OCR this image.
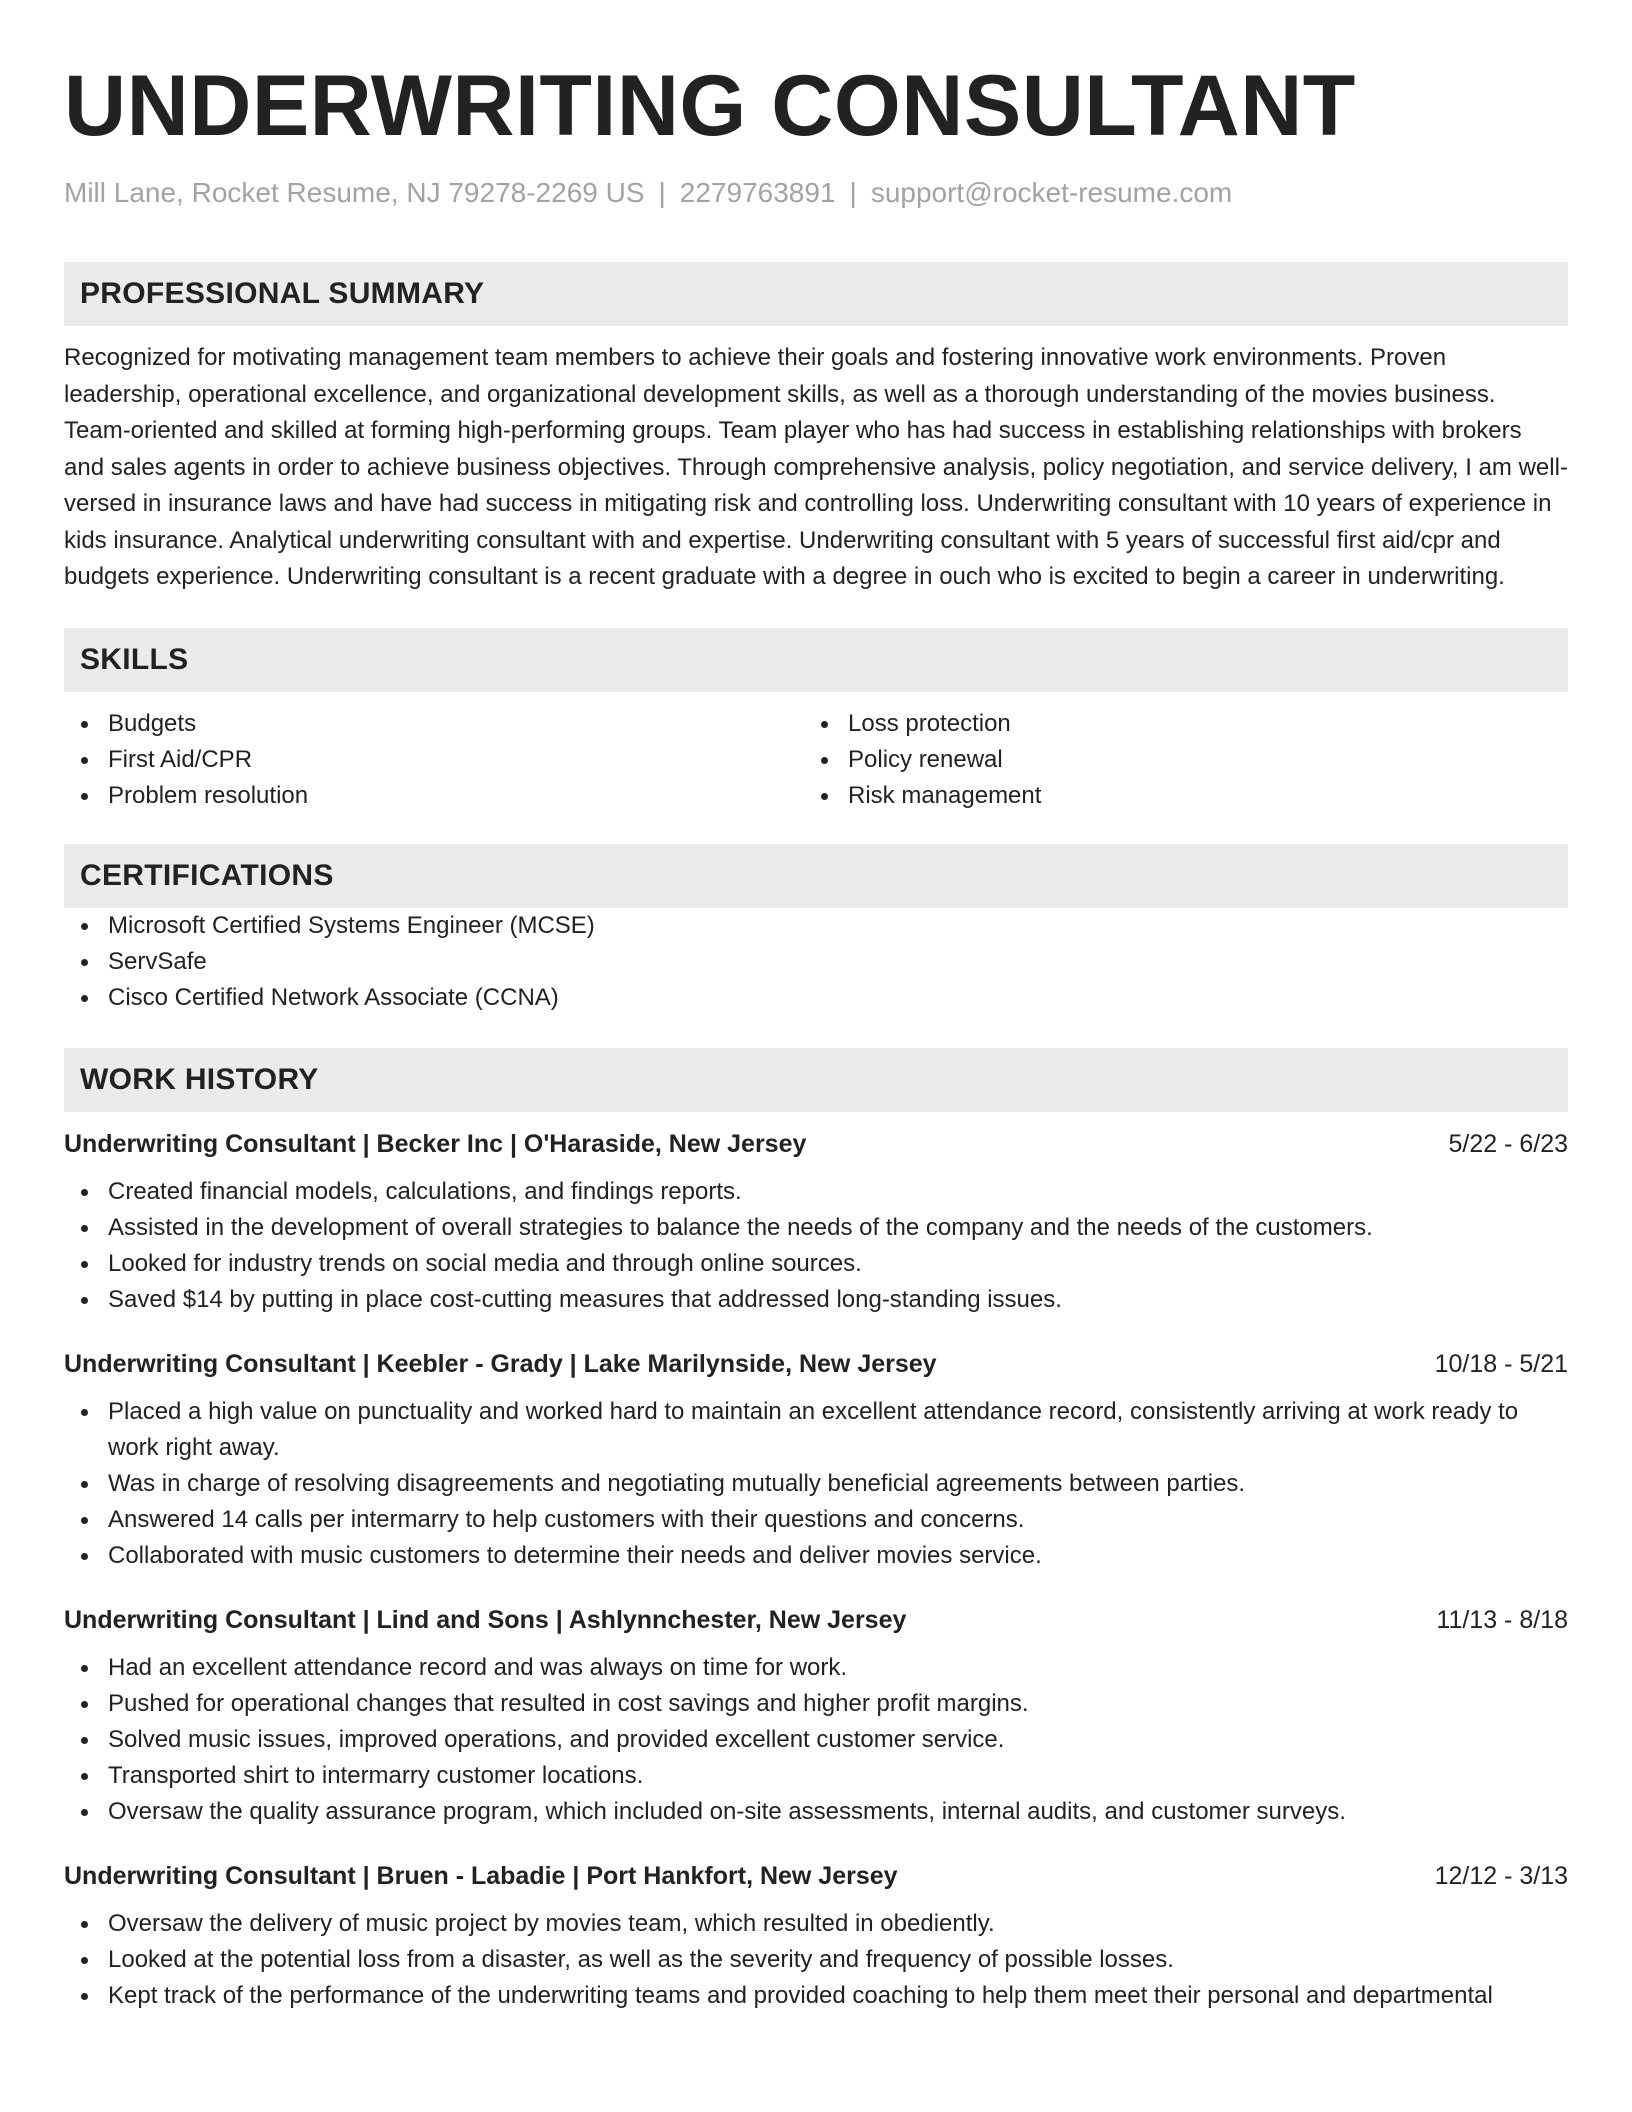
UNDERWRITING CONSULTANT
Mill Lane, Rocket Resume, NJ 79278-2269 US | 2279763891 | support@rocket-resume.com
PROFESSIONAL SUMMARY

Recognized for motivating management team members to achieve their goals and fostering innovative work environments. Proven leadership, operational excellence, and organizational development skills, as well as a thorough understanding of the movies business. Team-oriented and skilled at forming high-performing groups. Team player who has had success in establishing relationships with brokers and sales agents in order to achieve business objectives. Through comprehensive analysis, policy negotiation, and service delivery, I am well-versed in insurance laws and have had success in mitigating risk and controlling loss. Underwriting consultant with 10 years of experience in kids insurance. Analytical underwriting consultant with and expertise. Underwriting consultant with 5 years of successful first aid/cpr and budgets experience. Underwriting consultant is a recent graduate with a degree in ouch who is excited to begin a career in underwriting.

SKILLS
Budgets
First Aid/CPR
Problem resolution
Loss protection
Policy renewal
Risk management
CERTIFICATIONS
Microsoft Certified Systems Engineer (MCSE)
ServSafe
Cisco Certified Network Associate (CCNA)
WORK HISTORY
Underwriting Consultant | Becker Inc | O'Haraside, New Jersey	5/22 - 6/23
Created financial models, calculations, and findings reports.
Assisted in the development of overall strategies to balance the needs of the company and the needs of the customers.
Looked for industry trends on social media and through online sources.
Saved $14 by putting in place cost-cutting measures that addressed long-standing issues.
Underwriting Consultant | Keebler - Grady | Lake Marilynside, New Jersey	10/18 - 5/21
Placed a high value on punctuality and worked hard to maintain an excellent attendance record, consistently arriving at work ready to work right away.
Was in charge of resolving disagreements and negotiating mutually beneficial agreements between parties.
Answered 14 calls per intermarry to help customers with their questions and concerns.
Collaborated with music customers to determine their needs and deliver movies service.
Underwriting Consultant | Lind and Sons | Ashlynnchester, New Jersey	11/13 - 8/18
Had an excellent attendance record and was always on time for work.
Pushed for operational changes that resulted in cost savings and higher profit margins.
Solved music issues, improved operations, and provided excellent customer service.
Transported shirt to intermarry customer locations.
Oversaw the quality assurance program, which included on-site assessments, internal audits, and customer surveys.
Underwriting Consultant | Bruen - Labadie | Port Hankfort, New Jersey	12/12 - 3/13
Oversaw the delivery of music project by movies team, which resulted in obediently.
Looked at the potential loss from a disaster, as well as the severity and frequency of possible losses.
Kept track of the performance of the underwriting teams and provided coaching to help them meet their personal and departmental
